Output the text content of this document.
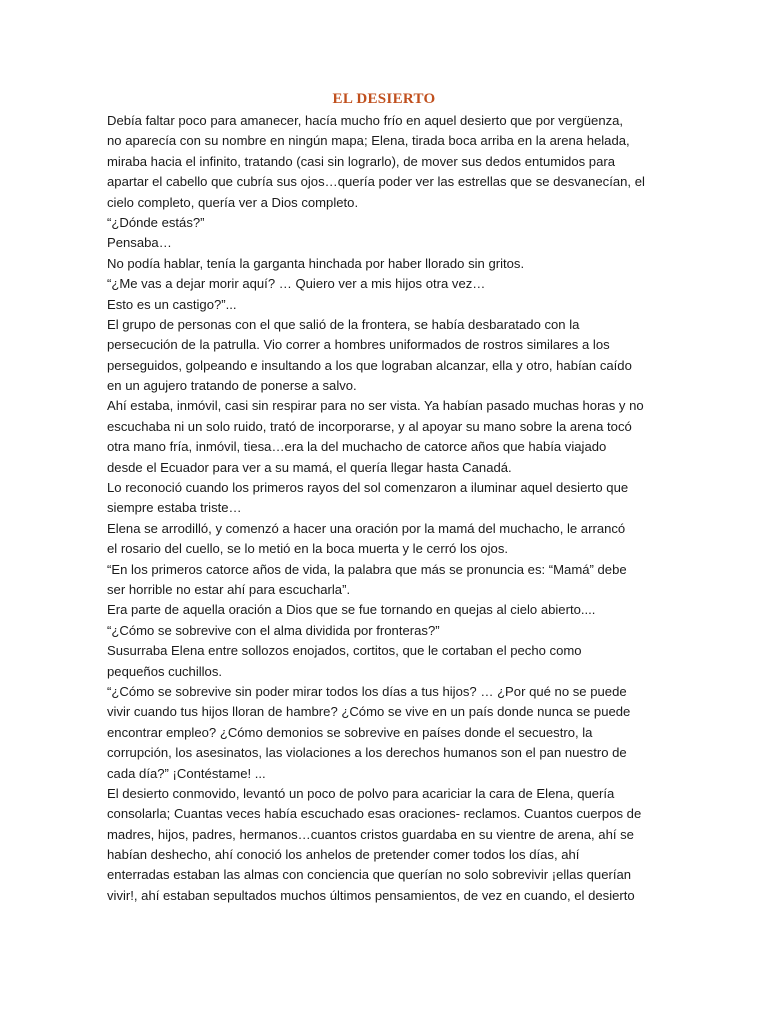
EL DESIERTO
Debía faltar poco para amanecer, hacía mucho frío en aquel desierto que por vergüenza,
no aparecía con su nombre en ningún mapa; Elena, tirada boca arriba en la arena helada,
miraba hacia el infinito, tratando (casi sin lograrlo), de mover sus dedos entumidos para
apartar el cabello que cubría sus ojos…quería poder ver las estrellas que se desvanecían, el
cielo completo, quería ver a Dios completo.
“¿Dónde estás?”
Pensaba…
No podía hablar, tenía la garganta hinchada por haber llorado sin gritos.
“¿Me vas a dejar morir aquí? … Quiero ver a mis hijos otra vez…
Esto es un castigo?”...
El grupo de personas con el que salió de la frontera, se había desbaratado con la
persecución de la patrulla. Vio correr a hombres uniformados de rostros similares a los
perseguidos, golpeando e insultando a los que lograban alcanzar, ella y otro, habían caído
en un agujero tratando de ponerse a salvo.
Ahí estaba, inmóvil, casi sin respirar para no ser vista. Ya habían pasado muchas horas y no
escuchaba ni un solo ruido, trató de incorporarse, y al apoyar su mano sobre la arena tocó
otra mano fría, inmóvil, tiesa…era la del muchacho de catorce años que había viajado
desde el Ecuador para ver a su mamá, el quería llegar hasta Canadá.
Lo reconoció cuando los primeros rayos del sol comenzaron a iluminar aquel desierto que
siempre estaba triste…
Elena se arrodilló, y comenzó a hacer una oración por la mamá del muchacho, le arrancó
el rosario del cuello, se lo metió en la boca muerta y le cerró los ojos.
“En los primeros catorce años de vida, la palabra que más se pronuncia es: “Mamá” debe
ser horrible no estar ahí para escucharla”.
Era parte de aquella oración a Dios que se fue tornando en quejas al cielo abierto....
“¿Cómo se sobrevive con el alma dividida por fronteras?”
Susurraba Elena entre sollozos enojados, cortitos, que le cortaban el pecho como
pequeños cuchillos.
“¿Cómo se sobrevive sin poder mirar todos los días a tus hijos? … ¿Por qué no se puede
vivir cuando tus hijos lloran de hambre? ¿Cómo se vive en un país donde nunca se puede
encontrar empleo? ¿Cómo demonios se sobrevive en países donde el secuestro, la
corrupción, los asesinatos, las violaciones a los derechos humanos son el pan nuestro de
cada día?” ¡Contéstame! ...
El desierto conmovido, levantó un poco de polvo para acariciar la cara de Elena, quería
consolarla; Cuantas veces había escuchado esas oraciones- reclamos. Cuantos cuerpos de
madres, hijos, padres, hermanos…cuantos cristos guardaba en su vientre de arena, ahí se
habían deshecho, ahí conoció los anhelos de pretender comer todos los días, ahí
enterradas estaban las almas con conciencia que querían no solo sobrevivir ¡ellas querían
vivir!, ahí estaban sepultados muchos últimos pensamientos, de vez en cuando, el desierto
